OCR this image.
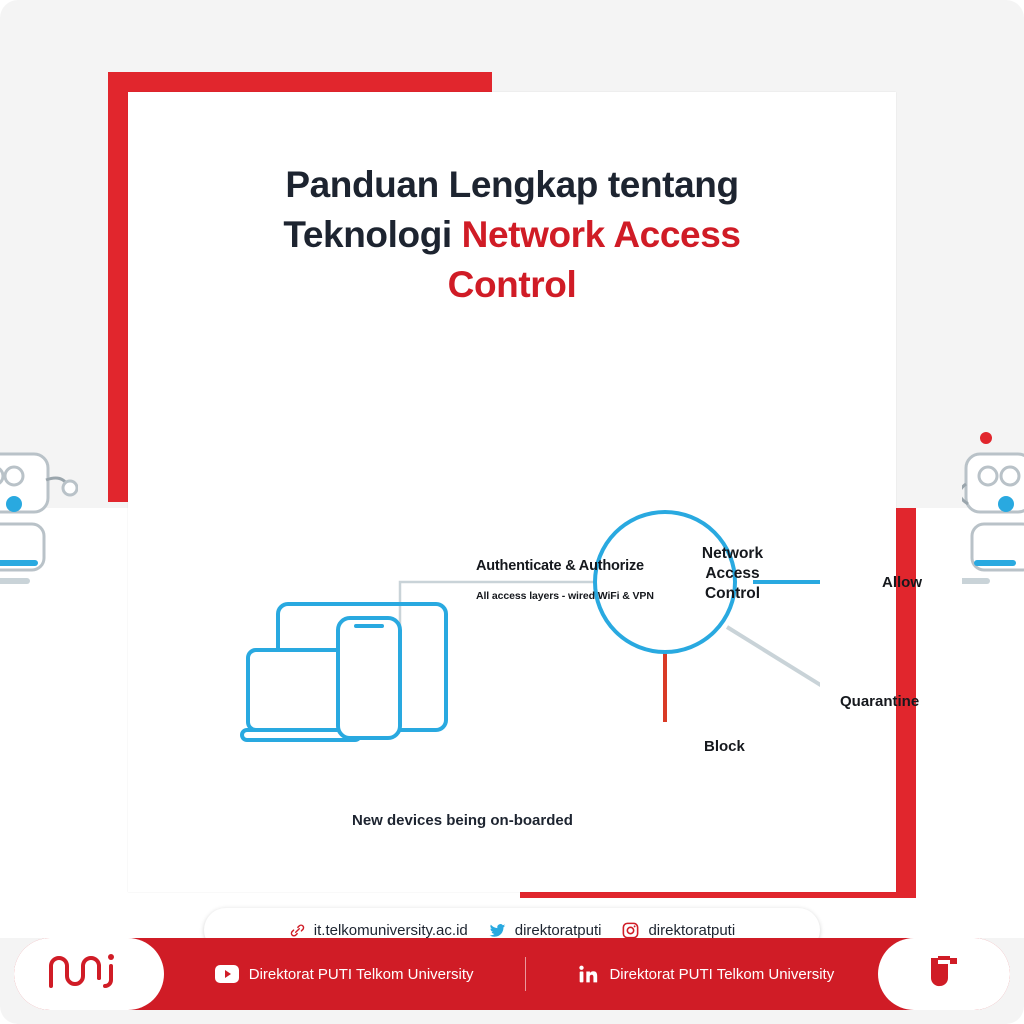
Panduan Lengkap tentang
Teknologi Network Access
Control
Network
Access
Control
Authenticate & Authorize
All access layers - wired WiFi & VPN
Allow
Quarantine
Block
New devices being on-boarded
it.telkomuniversity.ac.id	direktoratputi	direktoratputi
Direktorat PUTI Telkom University	Direktorat PUTI Telkom University
